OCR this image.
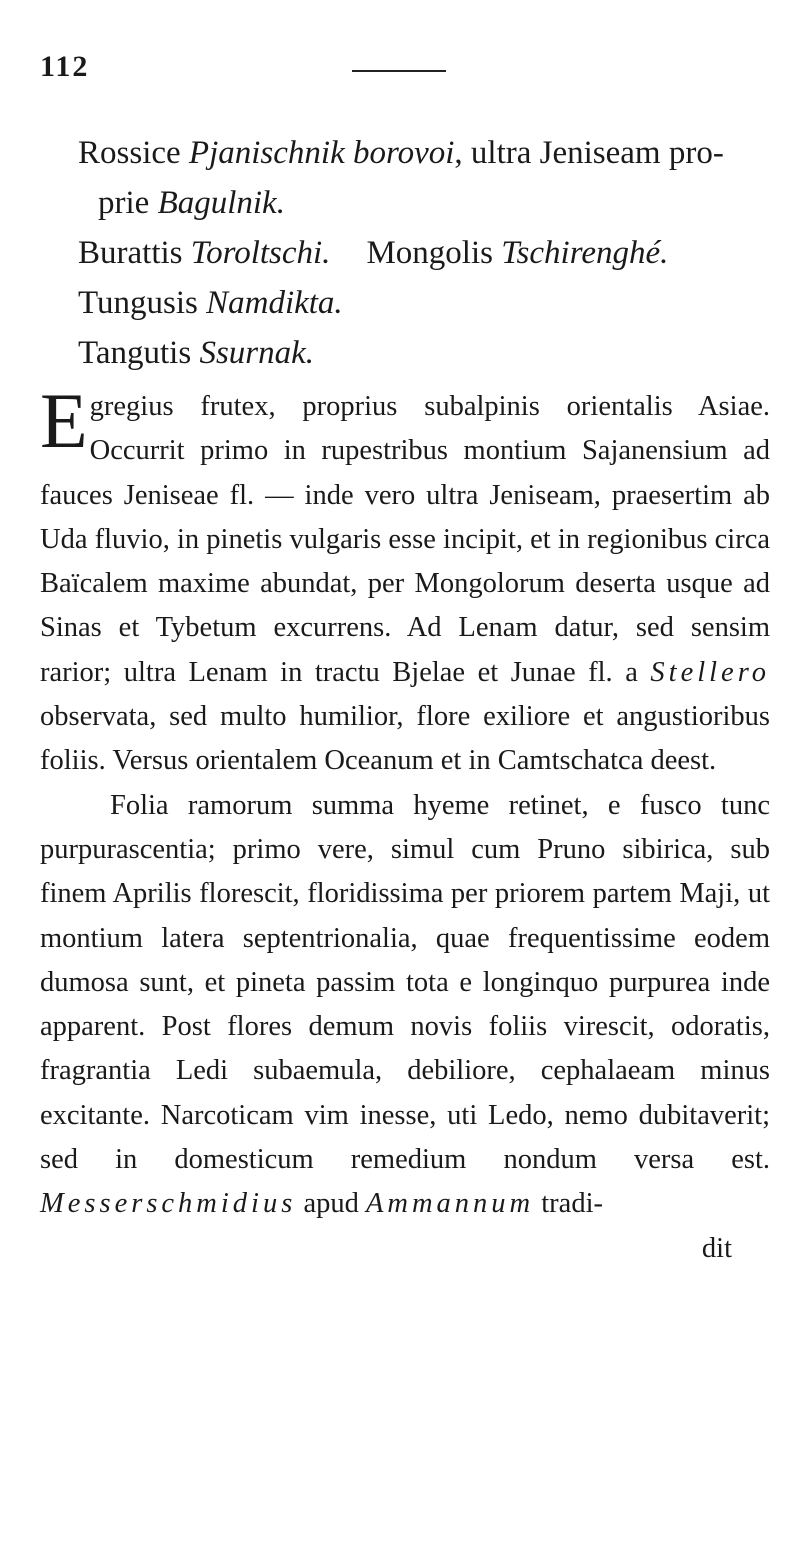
112
Rossice Pjanischnik borovoi, ultra Jeniseam pro-
prie Bagulnik.
Burattis Toroltschi. Mongolis Tschirenghé.
Tungusis Namdikta.
Tangutis Ssurnak.

Egregius frutex, proprius subalpinis orientalis Asiae. Occurrit primo in rupestribus montium Sajanensium ad fauces Jeniseae fl. — inde vero ultra Jeniseam, praesertim ab Uda fluvio, in pinetis vulgaris esse incipit, et in regionibus circa Baïcalem maxime abundat, per Mongolorum deserta usque ad Sinas et Tybetum excurrens. Ad Lenam datur, sed sensim rarior; ultra Lenam in tractu Bjelae et Junae fl. a Stellero observata, sed multo humilior, flore exiliore et angustioribus foliis. Versus orientalem Oceanum et in Camtschatca deest.

Folia ramorum summa hyeme retinet, e fusco tunc purpurascentia; primo vere, simul cum Pruno sibirica, sub finem Aprilis florescit, floridissima per priorem partem Maji, ut montium latera septentrionalia, quae frequentissime eodem dumosa sunt, et pineta passim tota e longinquo purpurea inde apparent. Post flores demum novis foliis virescit, odoratis, fragrantia Ledi subaemula, debiliore, cephalaeam minus excitante. Narcoticam vim inesse, uti Ledo, nemo dubitaverit; sed in domesticum remedium nondum versa est. Messerschmidius apud Ammannum tradi-

dit
